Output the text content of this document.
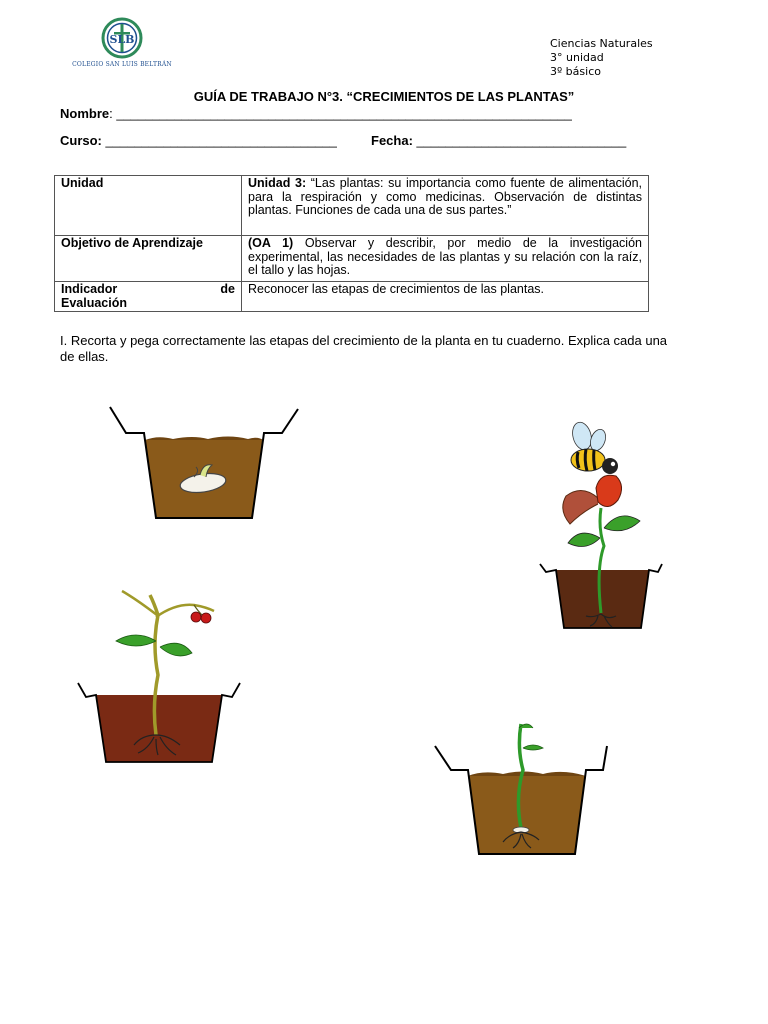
SLB
COLEGIO SAN LUIS BELTRÁN
Ciencias Naturales
3° unidad
3º básico
GUÍA DE TRABAJO N°3. “CRECIMIENTOS DE LAS PLANTAS”
Nombre: _______________________________________________________________
Curso: ________________________________	Fecha: _____________________________
Unidad	Unidad 3: “Las plantas: su importancia como fuente de alimentación, para la respiración y como medicinas. Observación de distintas plantas. Funciones de cada una de sus partes.”
Objetivo de Aprendizaje	(OA 1) Observar y describir, por medio de la investigación experimental, las necesidades de las plantas y su relación con la raíz, el tallo y las hojas.

Indicador de
Evaluación	Reconocer las etapas de crecimientos de las plantas.
I. Recorta y pega correctamente las etapas del crecimiento de la planta en tu cuaderno. Explica cada una de ellas.
